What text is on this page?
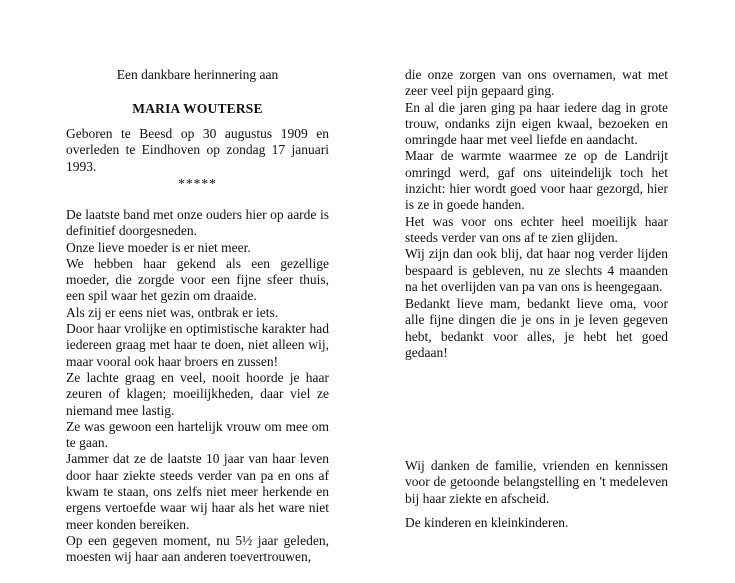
Een dankbare herinnering aan
MARIA WOUTERSE
Geboren te Beesd op 30 augustus 1909 en overleden te Eindhoven op zondag 17 januari 1993.
*****

De laatste band met onze ouders hier op aarde is definitief doorgesneden.

Onze lieve moeder is er niet meer.

We hebben haar gekend als een gezellige moeder, die zorgde voor een fijne sfeer thuis, een spil waar het gezin om draaide.

Als zij er eens niet was, ontbrak er iets.

Door haar vrolijke en optimistische karakter had iedereen graag met haar te doen, niet alleen wij, maar vooral ook haar broers en zussen!

Ze lachte graag en veel, nooit hoorde je haar zeuren of klagen; moeilijkheden, daar viel ze niemand mee lastig.

Ze was gewoon een hartelijk vrouw om mee om te gaan.

Jammer dat ze de laatste 10 jaar van haar leven door haar ziekte steeds verder van pa en ons af kwam te staan, ons zelfs niet meer herkende en ergens vertoefde waar wij haar als het ware niet meer konden bereiken.

Op een gegeven moment, nu 5½ jaar geleden, moesten wij haar aan anderen toevertrouwen,

die onze zorgen van ons overnamen, wat met zeer veel pijn gepaard ging.

En al die jaren ging pa haar iedere dag in grote trouw, ondanks zijn eigen kwaal, bezoeken en omringde haar met veel liefde en aandacht.

Maar de warmte waarmee ze op de Landrijt omringd werd, gaf ons uiteindelijk toch het inzicht: hier wordt goed voor haar gezorgd, hier is ze in goede handen.

Het was voor ons echter heel moeilijk haar steeds verder van ons af te zien glijden.

Wij zijn dan ook blij, dat haar nog verder lijden bespaard is gebleven, nu ze slechts 4 maanden na het overlijden van pa van ons is heengegaan.

Bedankt lieve mam, bedankt lieve oma, voor alle fijne dingen die je ons in je leven gegeven hebt, bedankt voor alles, je hebt het goed gedaan!
Wij danken de familie, vrienden en kennissen voor de getoonde belangstelling en 't medeleven bij haar ziekte en afscheid.
De kinderen en kleinkinderen.
